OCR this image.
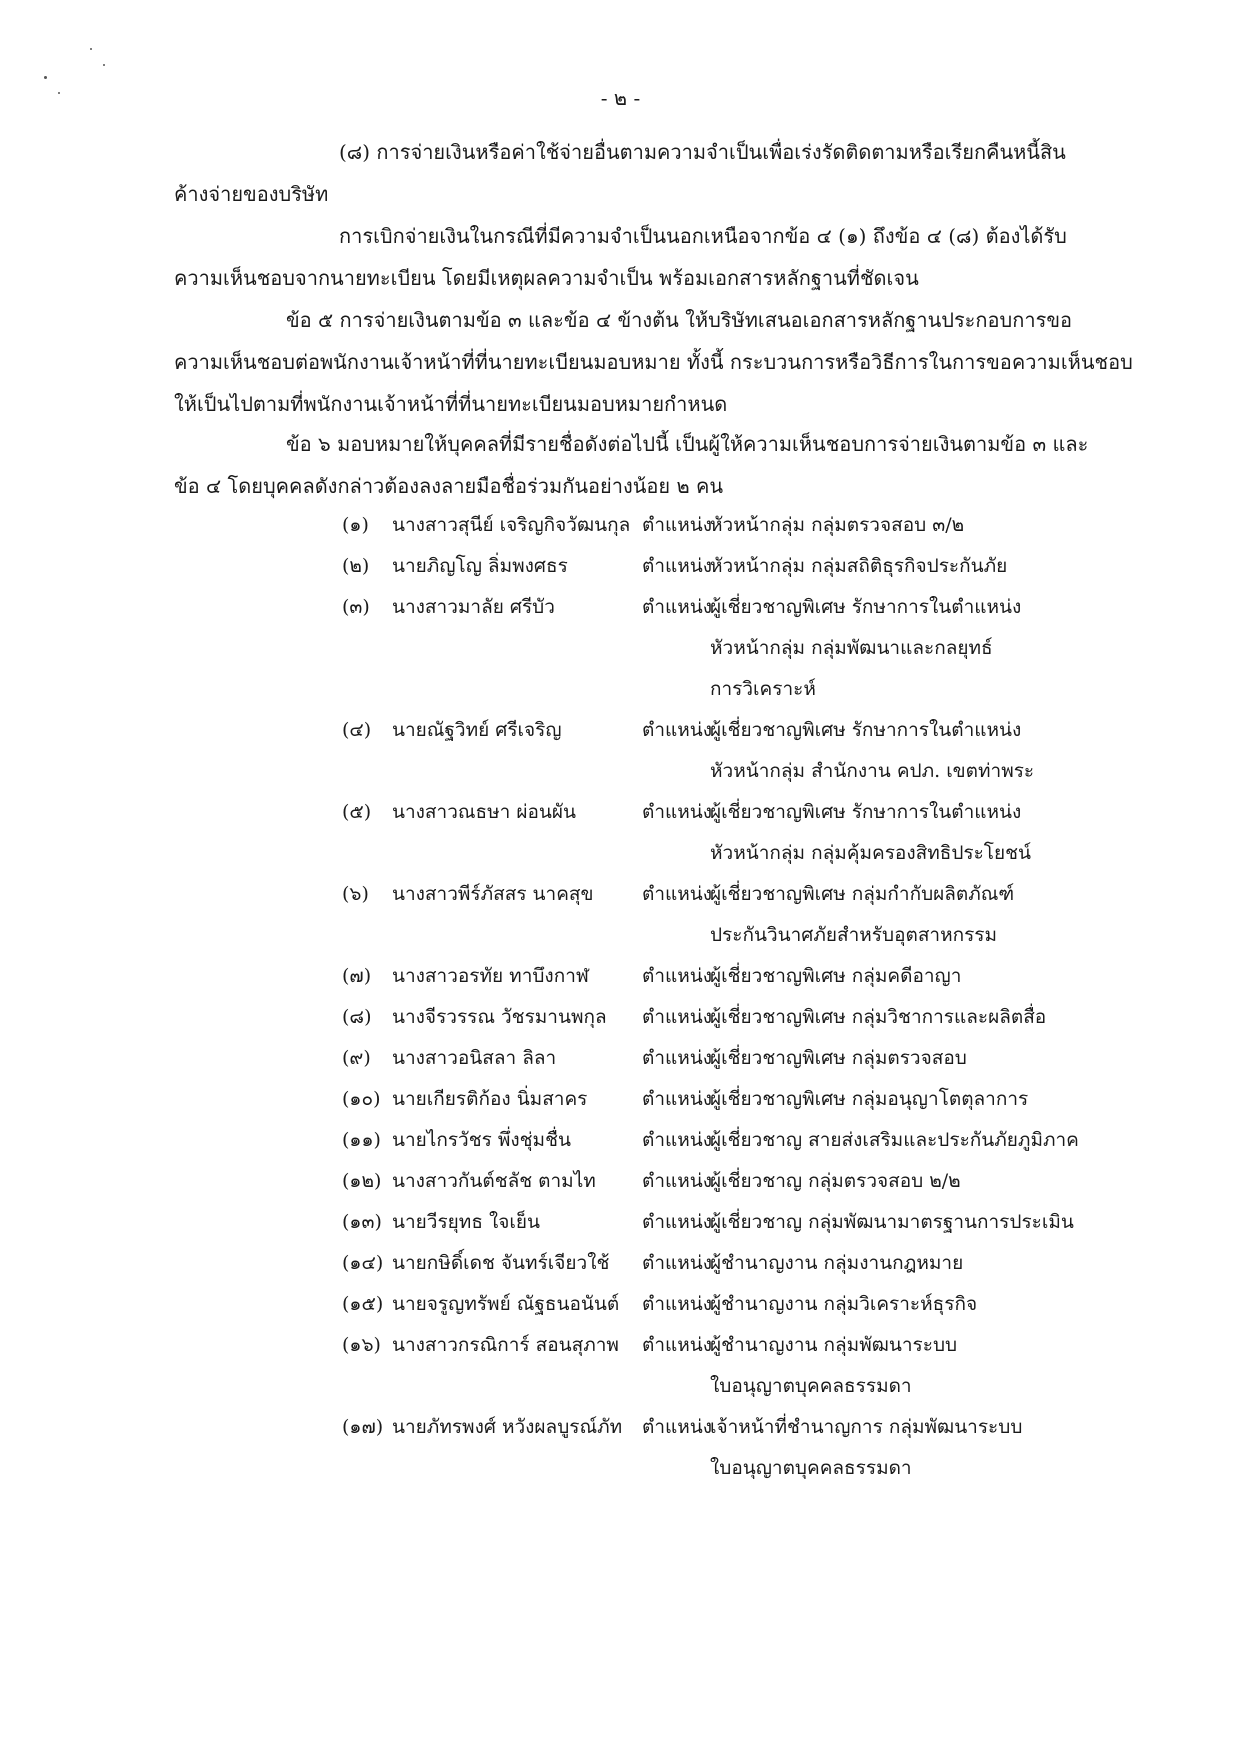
- ๒ -
(๘) การจ่ายเงินหรือค่าใช้จ่ายอื่นตามความจำเป็นเพื่อเร่งรัดติดตามหรือเรียกคืนหนี้สิน
ค้างจ่ายของบริษัท
การเบิกจ่ายเงินในกรณีที่มีความจำเป็นนอกเหนือจากข้อ ๔ (๑) ถึงข้อ ๔ (๘) ต้องได้รับ
ความเห็นชอบจากนายทะเบียน โดยมีเหตุผลความจำเป็น พร้อมเอกสารหลักฐานที่ชัดเจน
ข้อ ๕ การจ่ายเงินตามข้อ ๓ และข้อ ๔ ข้างต้น ให้บริษัทเสนอเอกสารหลักฐานประกอบการขอ
ความเห็นชอบต่อพนักงานเจ้าหน้าที่ที่นายทะเบียนมอบหมาย ทั้งนี้ กระบวนการหรือวิธีการในการขอความเห็นชอบ
ให้เป็นไปตามที่พนักงานเจ้าหน้าที่ที่นายทะเบียนมอบหมายกำหนด
ข้อ ๖ มอบหมายให้บุคคลที่มีรายชื่อดังต่อไปนี้ เป็นผู้ให้ความเห็นชอบการจ่ายเงินตามข้อ ๓ และ
ข้อ ๔ โดยบุคคลดังกล่าวต้องลงลายมือชื่อร่วมกันอย่างน้อย ๒ คน
(๑)	นางสาวสุนีย์ เจริญกิจวัฒนกุล ตำแหน่ง
หัวหน้ากลุ่ม กลุ่มตรวจสอบ ๓/๒
(๒)	นายภิญโญ ลิ่มพงศธร	ตำแหน่ง
หัวหน้ากลุ่ม กลุ่มสถิติธุรกิจประกันภัย
(๓)	นางสาวมาลัย ศรีบัว	ตำแหน่ง
ผู้เชี่ยวชาญพิเศษ รักษาการในตำแหน่ง
หัวหน้ากลุ่ม กลุ่มพัฒนาและกลยุทธ์
การวิเคราะห์
(๔)	นายณัฐวิทย์ ศรีเจริญ	ตำแหน่ง
ผู้เชี่ยวชาญพิเศษ รักษาการในตำแหน่ง
หัวหน้ากลุ่ม สำนักงาน คปภ. เขตท่าพระ
(๕)	นางสาวณธษา ผ่อนผัน	ตำแหน่ง
ผู้เชี่ยวชาญพิเศษ รักษาการในตำแหน่ง
หัวหน้ากลุ่ม กลุ่มคุ้มครองสิทธิประโยชน์
(๖)	นางสาวพีร์ภัสสร นาคสุข	ตำแหน่ง
ผู้เชี่ยวชาญพิเศษ กลุ่มกำกับผลิตภัณฑ์
ประกันวินาศภัยสำหรับอุตสาหกรรม
(๗)	นางสาวอรทัย ทาบึงกาฬ	ตำแหน่ง
ผู้เชี่ยวชาญพิเศษ กลุ่มคดีอาญา
(๘)	นางจีรวรรณ วัชรมานพกุล	ตำแหน่ง
ผู้เชี่ยวชาญพิเศษ กลุ่มวิชาการและผลิตสื่อ
(๙)	นางสาวอนิสลา ลิลา	ตำแหน่ง
ผู้เชี่ยวชาญพิเศษ กลุ่มตรวจสอบ
(๑๐) นายเกียรติก้อง นิ่มสาคร	ตำแหน่ง
ผู้เชี่ยวชาญพิเศษ กลุ่มอนุญาโตตุลาการ
(๑๑) นายไกรวัชร พึ่งชุ่มชื่น	ตำแหน่ง
ผู้เชี่ยวชาญ สายส่งเสริมและประกันภัยภูมิภาค
(๑๒) นางสาวกันต์ชลัช ตามไท	ตำแหน่ง
ผู้เชี่ยวชาญ กลุ่มตรวจสอบ ๒/๒
(๑๓) นายวีรยุทธ ใจเย็น	ตำแหน่ง
ผู้เชี่ยวชาญ กลุ่มพัฒนามาตรฐานการประเมิน
(๑๔) นายกษิดิ์เดช จันทร์เจียวใช้	ตำแหน่ง
ผู้ชำนาญงาน กลุ่มงานกฎหมาย
(๑๕) นายจรูญทรัพย์ ณัฐธนอนันต์	ตำแหน่ง
ผู้ชำนาญงาน กลุ่มวิเคราะห์ธุรกิจ
(๑๖) นางสาวกรณิการ์ สอนสุภาพ	ตำแหน่ง
ผู้ชำนาญงาน กลุ่มพัฒนาระบบ
ใบอนุญาตบุคคลธรรมดา
(๑๗) นายภัทรพงศ์ หวังผลบูรณ์ภัท	ตำแหน่ง
เจ้าหน้าที่ชำนาญการ กลุ่มพัฒนาระบบ
ใบอนุญาตบุคคลธรรมดา
